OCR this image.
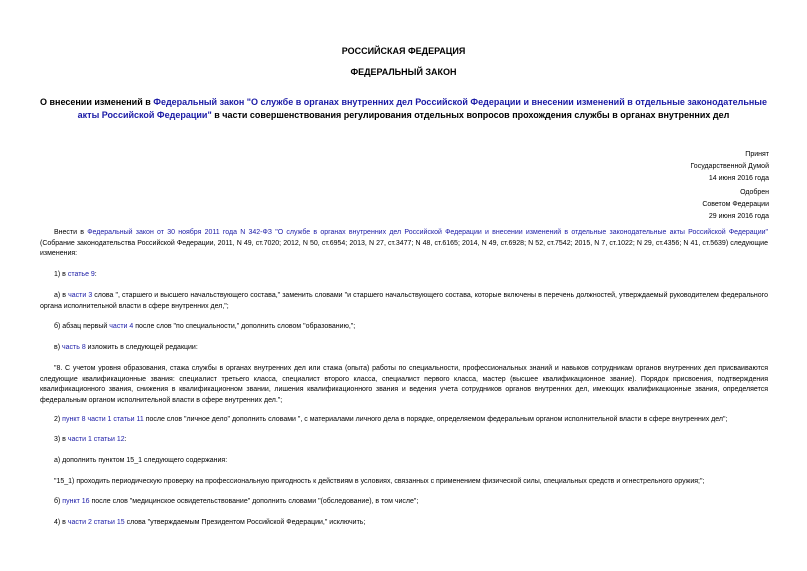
РОССИЙСКАЯ ФЕДЕРАЦИЯ
ФЕДЕРАЛЬНЫЙ ЗАКОН
О внесении изменений в Федеральный закон "О службе в органах внутренних дел Российской Федерации и внесении изменений в отдельные законодательные акты Российской Федерации" в части совершенствования регулирования отдельных вопросов прохождения службы в органах внутренних дел
Принят
Государственной Думой
14 июня 2016 года
Одобрен
Советом Федерации
29 июня 2016 года
Внести в Федеральный закон от 30 ноября 2011 года N 342-ФЗ "О службе в органах внутренних дел Российской Федерации и внесении изменений в отдельные законодательные акты Российской Федерации" (Собрание законодательства Российской Федерации, 2011, N 49, ст.7020; 2012, N 50, ст.6954; 2013, N 27, ст.3477; N 48, ст.6165; 2014, N 49, ст.6928; N 52, ст.7542; 2015, N 7, ст.1022; N 29, ст.4356; N 41, ст.5639) следующие изменения:
1) в статье 9:
а) в части 3 слова ", старшего и высшего начальствующего состава," заменить словами "и старшего начальствующего состава, которые включены в перечень должностей, утверждаемый руководителем федерального органа исполнительной власти в сфере внутренних дел,";
б) абзац первый части 4 после слов "по специальности," дополнить словом "образованию,";
в) часть 8 изложить в следующей редакции:
"8. С учетом уровня образования, стажа службы в органах внутренних дел или стажа (опыта) работы по специальности, профессиональных знаний и навыков сотрудникам органов внутренних дел присваиваются следующие квалификационные звания: специалист третьего класса, специалист второго класса, специалист первого класса, мастер (высшее квалификационное звание). Порядок присвоения, подтверждения квалификационного звания, снижения в квалификационном звании, лишения квалификационного звания и ведения учета сотрудников органов внутренних дел, имеющих квалификационные звания, определяется федеральным органом исполнительной власти в сфере внутренних дел.";
2) пункт 8 части 1 статьи 11 после слов "личное дело" дополнить словами ", с материалами личного дела в порядке, определяемом федеральным органом исполнительной власти в сфере внутренних дел";
3) в части 1 статьи 12:
а) дополнить пунктом 15_1 следующего содержания:
"15_1) проходить периодическую проверку на профессиональную пригодность к действиям в условиях, связанных с применением физической силы, специальных средств и огнестрельного оружия;";
б) пункт 16 после слов "медицинское освидетельствование" дополнить словами "(обследование), в том числе";
4) в части 2 статьи 15 слова "утверждаемым Президентом Российской Федерации," исключить;
